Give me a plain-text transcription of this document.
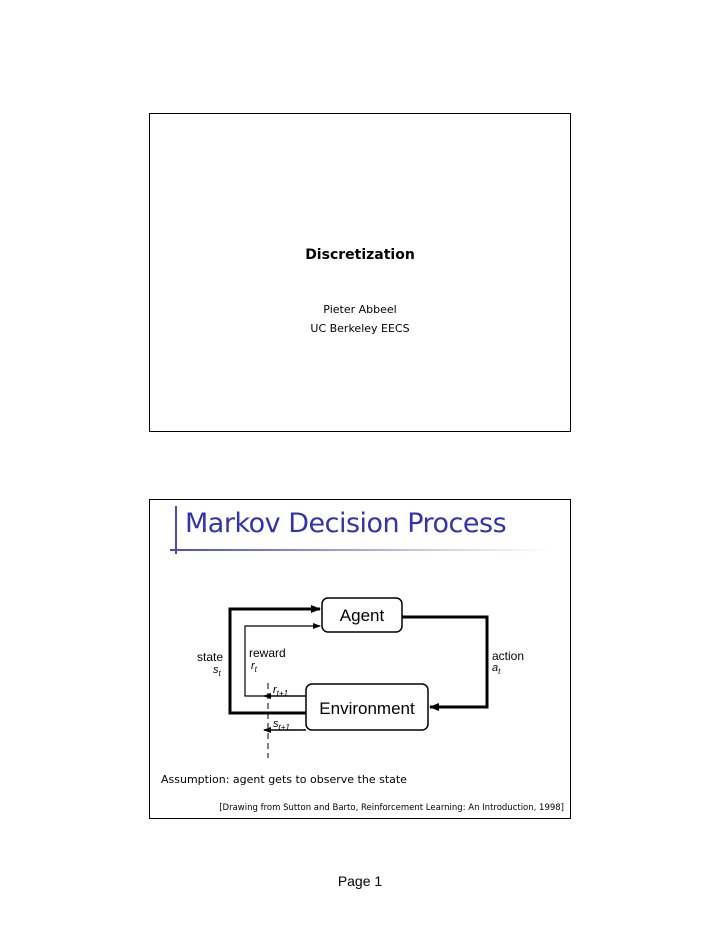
Discretization
Pieter Abbeel
UC Berkeley EECS
Markov Decision Process
Agent
Environment
state
$s_t$
reward
$r_t$
action
$a_t$
$r_{t+1}$
$s_{t+1}$
Assumption: agent gets to observe the state
[Drawing from Sutton and Barto, Reinforcement Learning: An Introduction, 1998]
Page 1
